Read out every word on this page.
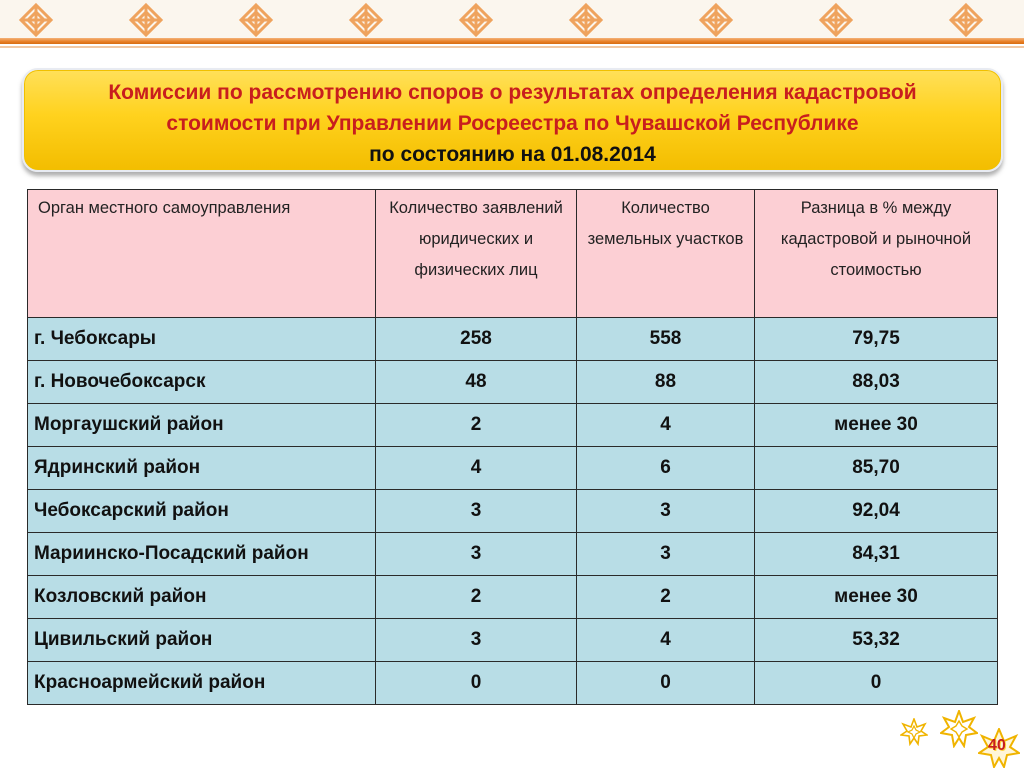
Комиссии по рассмотрению споров о результатах определения кадастровой
стоимости при Управлении Росреестра по Чувашской Республике
по состоянию на 01.08.2014
Орган местного самоуправления	Количество заявлений юридических и физических лиц	Количество земельных участков	Разница в % между кадастровой и рыночной стоимостью
г. Чебоксары	258	558	79,75
г. Новочебоксарск	48	88	88,03
Моргаушский район	2	4	менее 30
Ядринский район	4	6	85,70
Чебоксарский район	3	3	92,04
Мариинско-Посадский район	3	3	84,31
Козловский район	2	2	менее 30
Цивильский район	3	4	53,32
Красноармейский район	0	0	0
40
